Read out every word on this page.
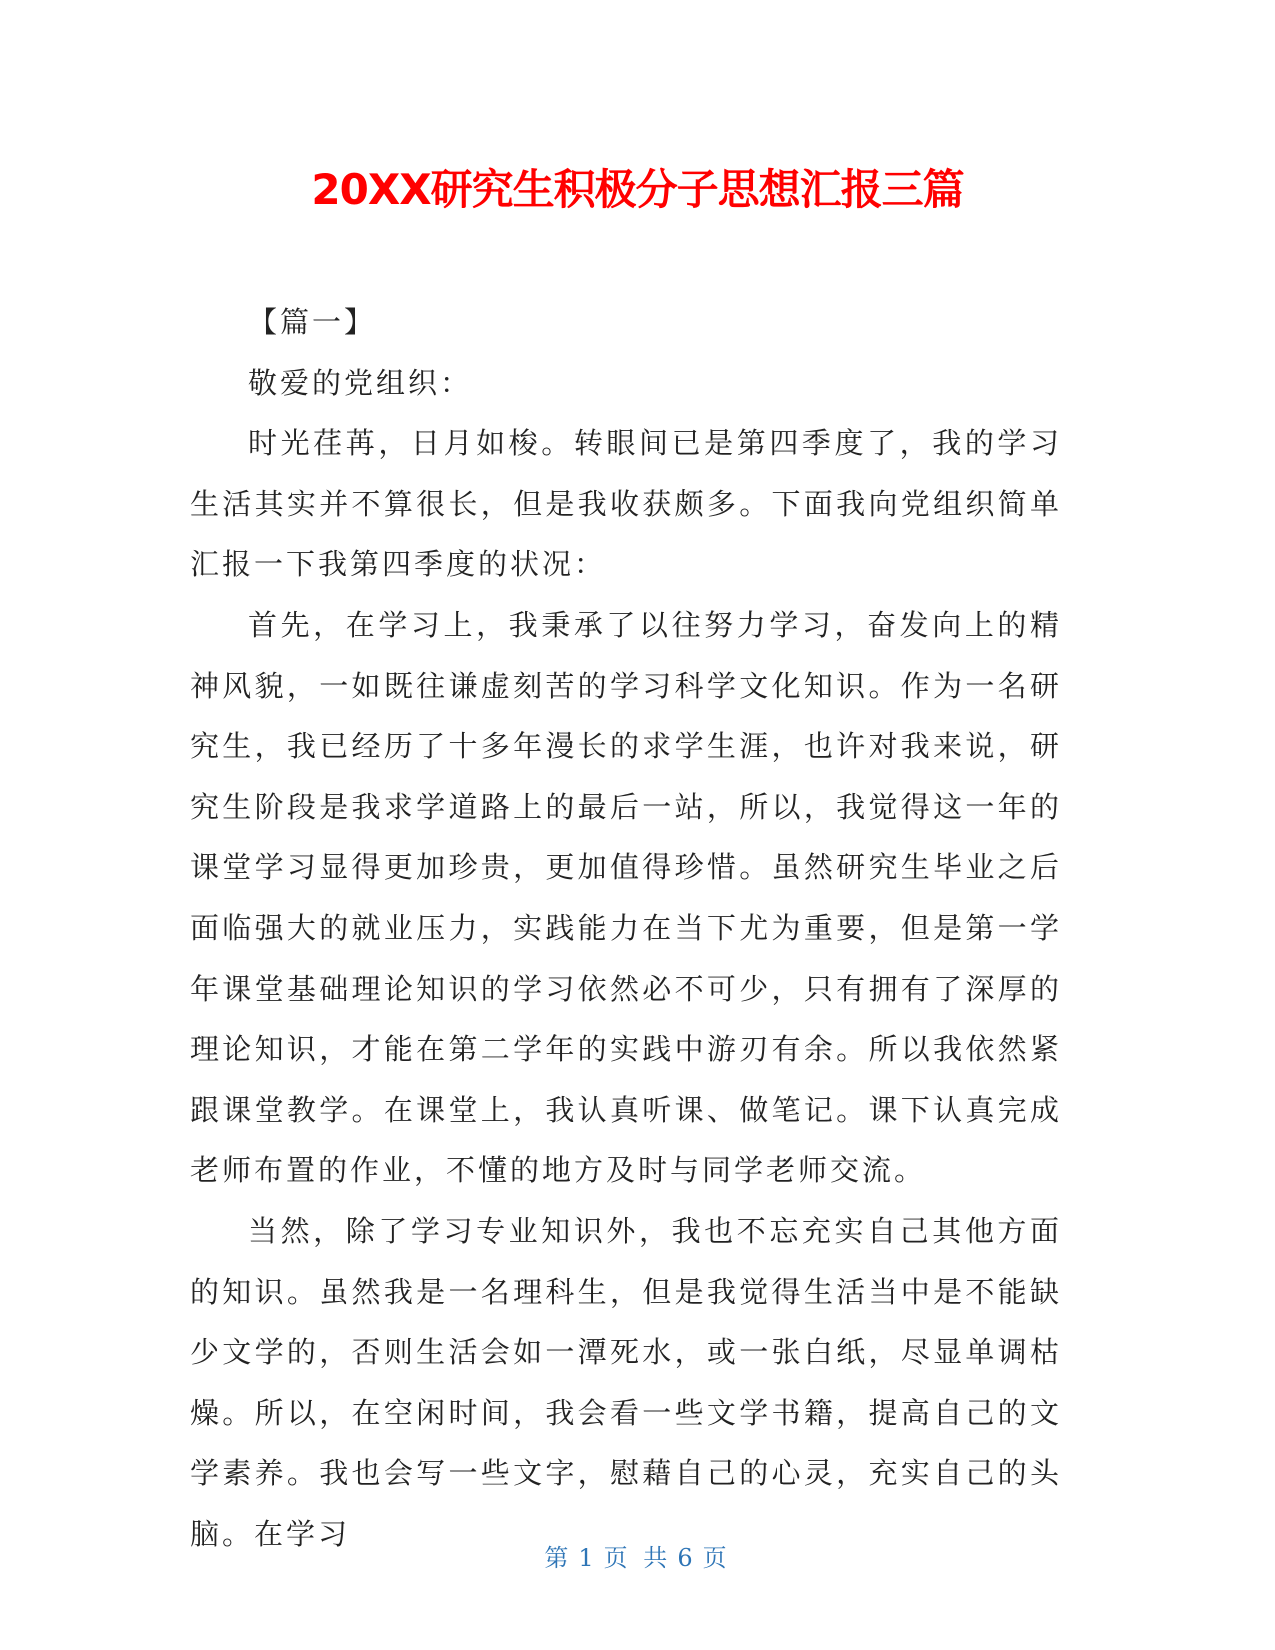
20XX研究生积极分子思想汇报三篇

【篇一】

敬爱的党组织：

时光荏苒，日月如梭。转眼间已是第四季度了，我的学习生活其实并不算很长，但是我收获颇多。下面我向党组织简单汇报一下我第四季度的状况：

首先，在学习上，我秉承了以往努力学习，奋发向上的精神风貌，一如既往谦虚刻苦的学习科学文化知识。作为一名研究生，我已经历了十多年漫长的求学生涯，也许对我来说，研究生阶段是我求学道路上的最后一站，所以，我觉得这一年的课堂学习显得更加珍贵，更加值得珍惜。虽然研究生毕业之后面临强大的就业压力，实践能力在当下尤为重要，但是第一学年课堂基础理论知识的学习依然必不可少，只有拥有了深厚的理论知识，才能在第二学年的实践中游刃有余。所以我依然紧跟课堂教学。在课堂上，我认真听课、做笔记。课下认真完成老师布置的作业，不懂的地方及时与同学老师交流。

当然，除了学习专业知识外，我也不忘充实自己其他方面的知识。虽然我是一名理科生，但是我觉得生活当中是不能缺少文学的，否则生活会如一潭死水，或一张白纸，尽显单调枯燥。所以，在空闲时间，我会看一些文学书籍，提高自己的文学素养。我也会写一些文字，慰藉自己的心灵，充实自己的头脑。在学习

第 1 页 共 6 页
